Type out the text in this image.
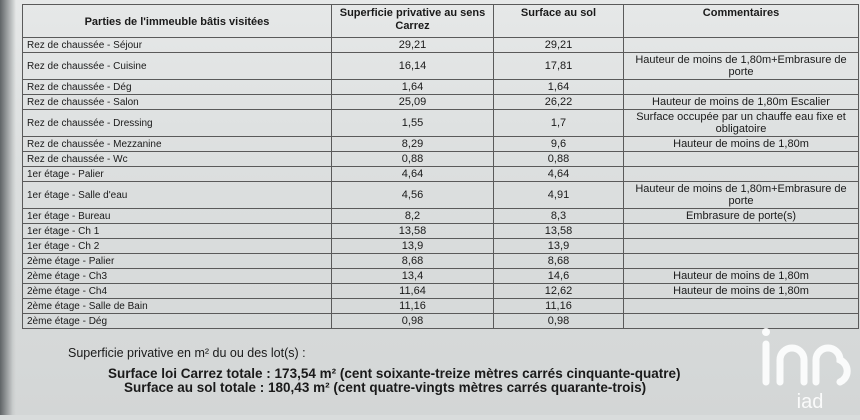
Parties de l'immeuble bâtis visitées	Superficie privative au sens Carrez	Surface au sol	Commentaires
Rez de chaussée - Séjour	29,21	29,21	
Rez de chaussée - Cuisine	16,14	17,81	Hauteur de moins de 1,80m+Embrasure de porte
Rez de chaussée - Dég	1,64	1,64	
Rez de chaussée - Salon	25,09	26,22	Hauteur de moins de 1,80m Escalier
Rez de chaussée - Dressing	1,55	1,7	Surface occupée par un chauffe eau fixe et obligatoire
Rez de chaussée - Mezzanine	8,29	9,6	Hauteur de moins de 1,80m
Rez de chaussée - Wc	0,88	0,88	
1er étage - Palier	4,64	4,64	
1er étage - Salle d'eau	4,56	4,91	Hauteur de moins de 1,80m+Embrasure de porte
1er étage - Bureau	8,2	8,3	Embrasure de porte(s)
1er étage - Ch 1	13,58	13,58	
1er étage - Ch 2	13,9	13,9	
2ème étage - Palier	8,68	8,68	
2ème étage - Ch3	13,4	14,6	Hauteur de moins de 1,80m
2ème étage - Ch4	11,64	12,62	Hauteur de moins de 1,80m
2ème étage - Salle de Bain	11,16	11,16	
2ème étage - Dég	0,98	0,98	

Superficie privative en m² du ou des lot(s) :

Surface loi Carrez totale : 173,54 m² (cent soixante-treize mètres carrés cinquante-quatre)

Surface au sol totale : 180,43 m² (cent quatre-vingts mètres carrés quarante-trois)

iad
